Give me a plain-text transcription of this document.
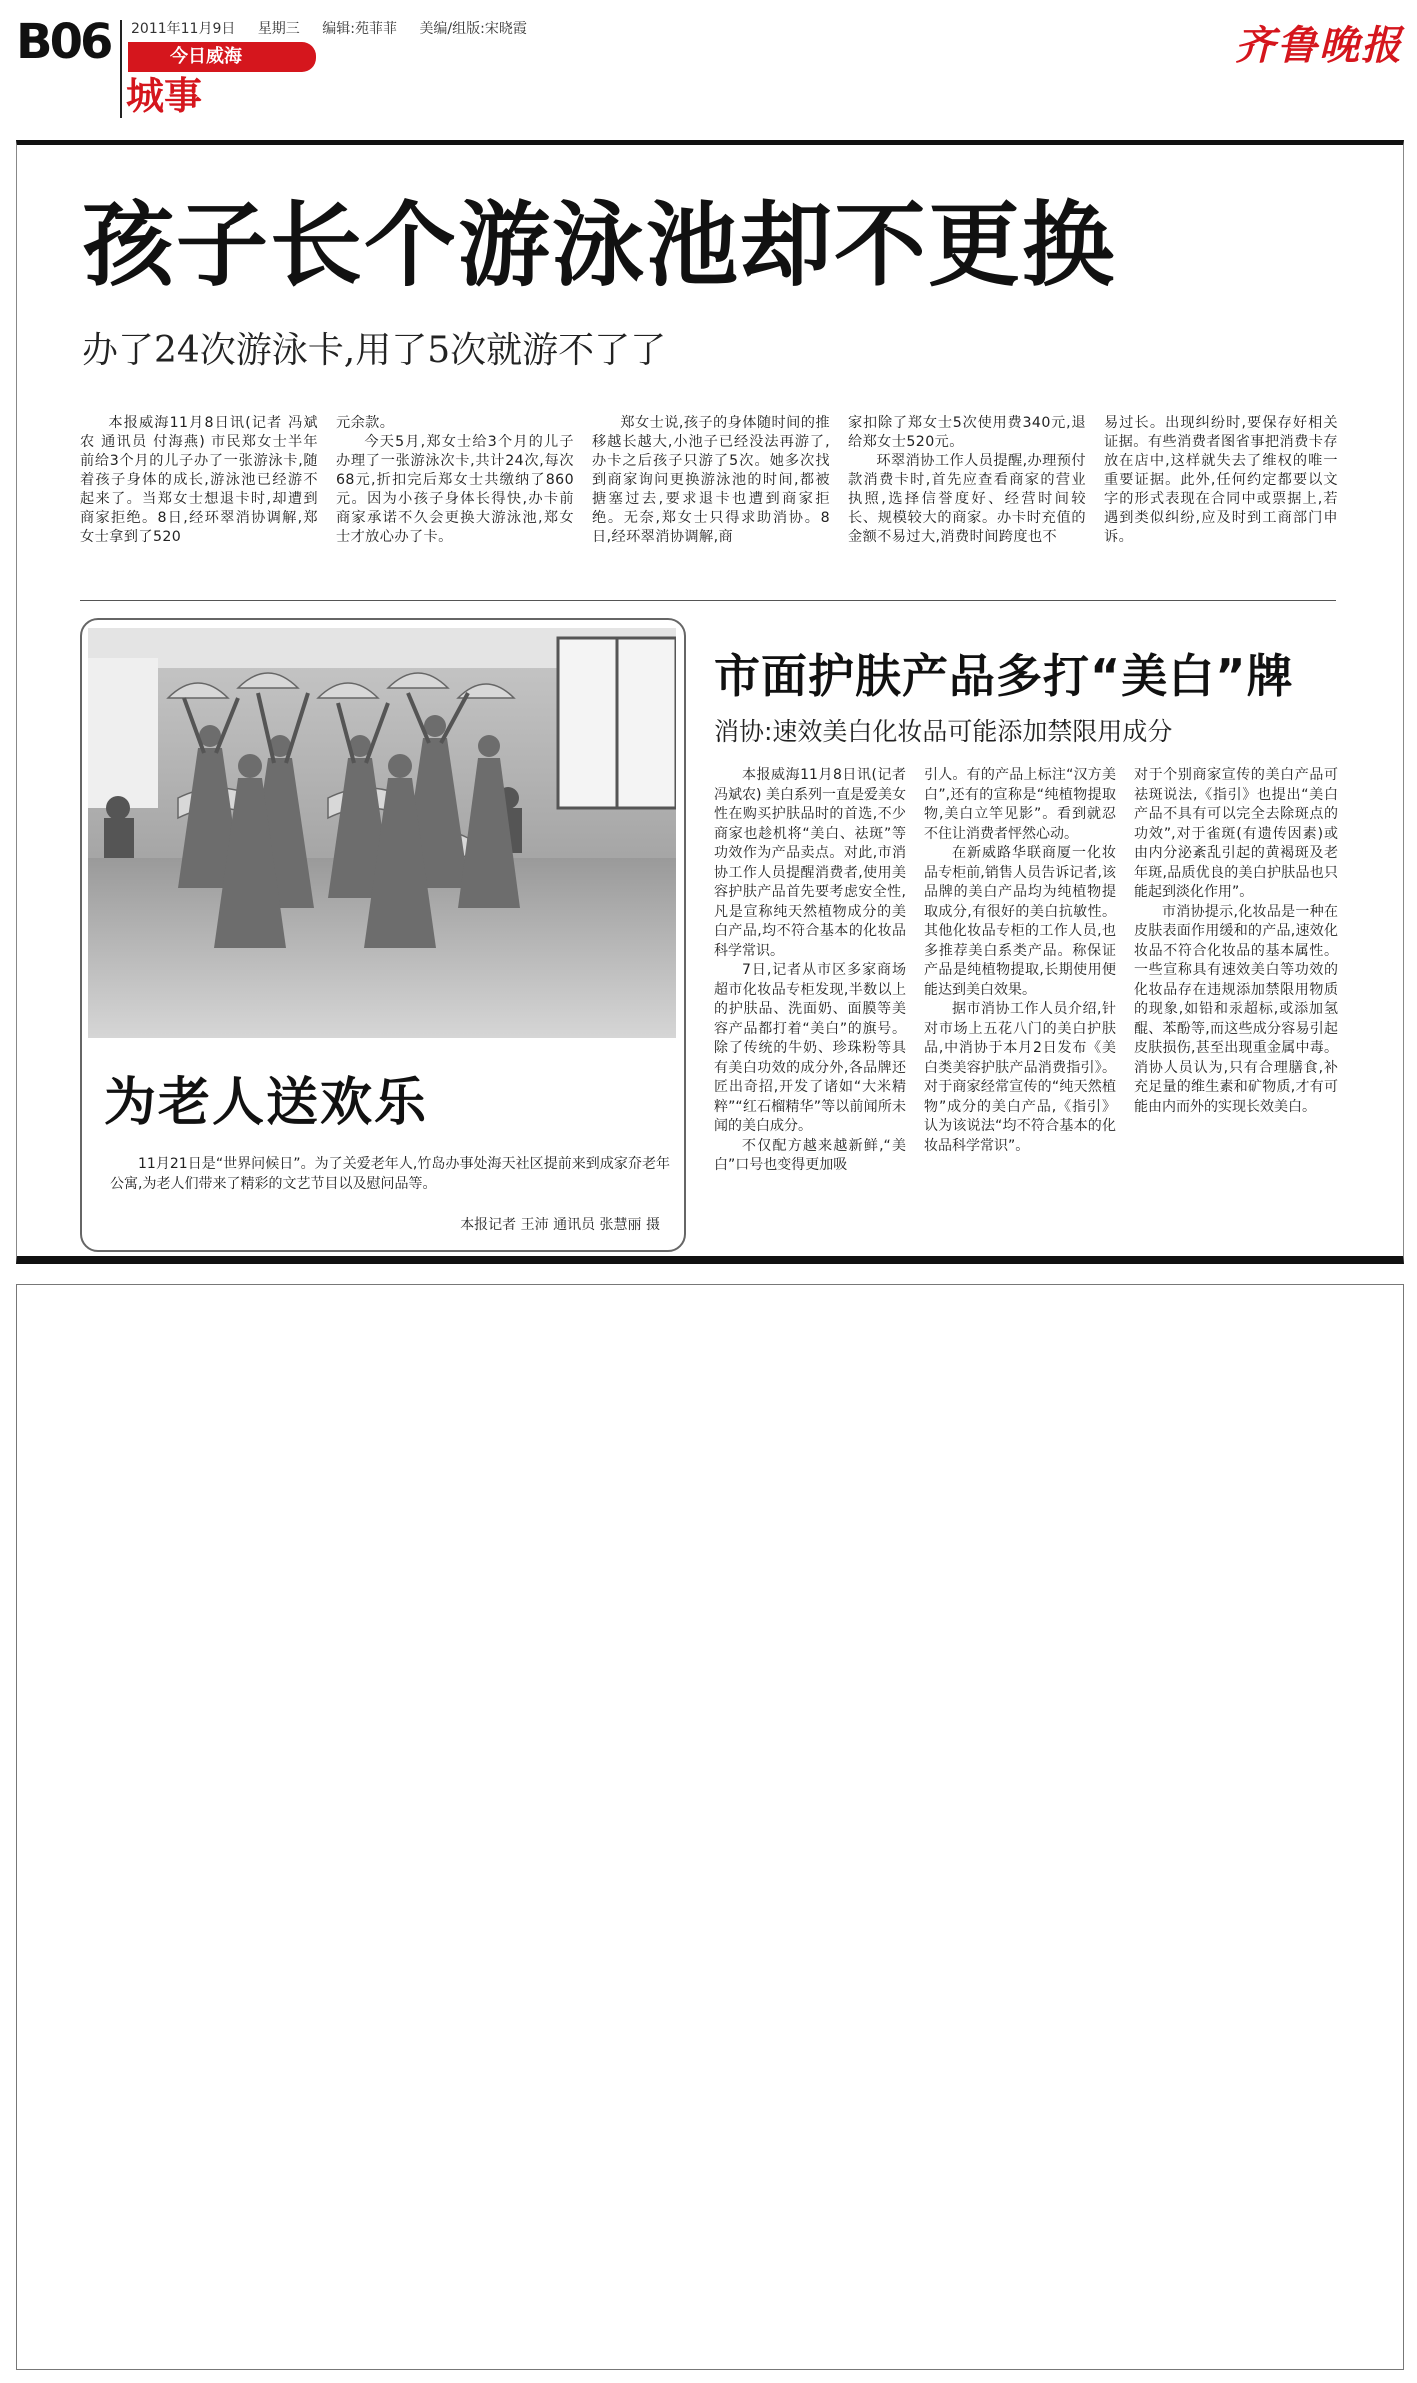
B06 2011年11月9日 星期三 编辑:苑菲菲 美编/组版:宋晓霞
今日威海
城事
齐鲁晚报
孩子长个游泳池却不更换
办了24次游泳卡,用了5次就游不了了

本报威海11月8日讯(记者 冯斌农 通讯员 付海燕) 市民郑女士半年前给3个月的儿子办了一张游泳卡,随着孩子身体的成长,游泳池已经游不起来了。当郑女士想退卡时,却遭到商家拒绝。8日,经环翠消协调解,郑女士拿到了520

元余款。

今天5月,郑女士给3个月的儿子办理了一张游泳次卡,共计24次,每次68元,折扣完后郑女士共缴纳了860元。因为小孩子身体长得快,办卡前商家承诺不久会更换大游泳池,郑女士才放心办了卡。

郑女士说,孩子的身体随时间的推移越长越大,小池子已经没法再游了,办卡之后孩子只游了5次。她多次找到商家询问更换游泳池的时间,都被搪塞过去,要求退卡也遭到商家拒绝。无奈,郑女士只得求助消协。8日,经环翠消协调解,商

家扣除了郑女士5次使用费340元,退给郑女士520元。

环翠消协工作人员提醒,办理预付款消费卡时,首先应查看商家的营业执照,选择信誉度好、经营时间较长、规模较大的商家。办卡时充值的金额不易过大,消费时间跨度也不

易过长。出现纠纷时,要保存好相关证据。有些消费者图省事把消费卡存放在店中,这样就失去了维权的唯一重要证据。此外,任何约定都要以文字的形式表现在合同中或票据上,若遇到类似纠纷,应及时到工商部门申诉。

为老人送欢乐
11月21日是“世界问候日”。为了关爱老年人,竹岛办事处海天社区提前来到成家夼老年公寓,为老人们带来了精彩的文艺节目以及慰问品等。
本报记者 王沛 通讯员 张慧丽 摄
市面护肤产品多打“美白”牌
消协:速效美白化妆品可能添加禁限用成分

本报威海11月8日讯(记者 冯斌农) 美白系列一直是爱美女性在购买护肤品时的首选,不少商家也趁机将“美白、祛斑”等功效作为产品卖点。对此,市消协工作人员提醒消费者,使用美容护肤产品首先要考虑安全性,凡是宣称纯天然植物成分的美白产品,均不符合基本的化妆品科学常识。

7日,记者从市区多家商场超市化妆品专柜发现,半数以上的护肤品、洗面奶、面膜等美容产品都打着“美白”的旗号。除了传统的牛奶、珍珠粉等具有美白功效的成分外,各品牌还匠出奇招,开发了诸如“大米精粹”“红石榴精华”等以前闻所未闻的美白成分。

不仅配方越来越新鲜,“美白”口号也变得更加吸

引人。有的产品上标注“汉方美白”,还有的宣称是“纯植物提取物,美白立竿见影”。看到就忍不住让消费者怦然心动。

在新威路华联商厦一化妆品专柜前,销售人员告诉记者,该品牌的美白产品均为纯植物提取成分,有很好的美白抗敏性。其他化妆品专柜的工作人员,也多推荐美白系类产品。称保证产品是纯植物提取,长期使用便能达到美白效果。

据市消协工作人员介绍,针对市场上五花八门的美白护肤品,中消协于本月2日发布《美白类美容护肤产品消费指引》。对于商家经常宣传的“纯天然植物”成分的美白产品,《指引》认为该说法“均不符合基本的化妆品科学常识”。

对于个别商家宣传的美白产品可祛斑说法,《指引》也提出“美白产品不具有可以完全去除斑点的功效”,对于雀斑(有遗传因素)或由内分泌紊乱引起的黄褐斑及老年斑,品质优良的美白护肤品也只能起到淡化作用”。

市消协提示,化妆品是一种在皮肤表面作用缓和的产品,速效化妆品不符合化妆品的基本属性。一些宣称具有速效美白等功效的化妆品存在违规添加禁限用物质的现象,如铅和汞超标,或添加氢醌、苯酚等,而这些成分容易引起皮肤损伤,甚至出现重金属中毒。消协人员认为,只有合理膳食,补充足量的维生素和矿物质,才有可能由内而外的实现长效美白。
